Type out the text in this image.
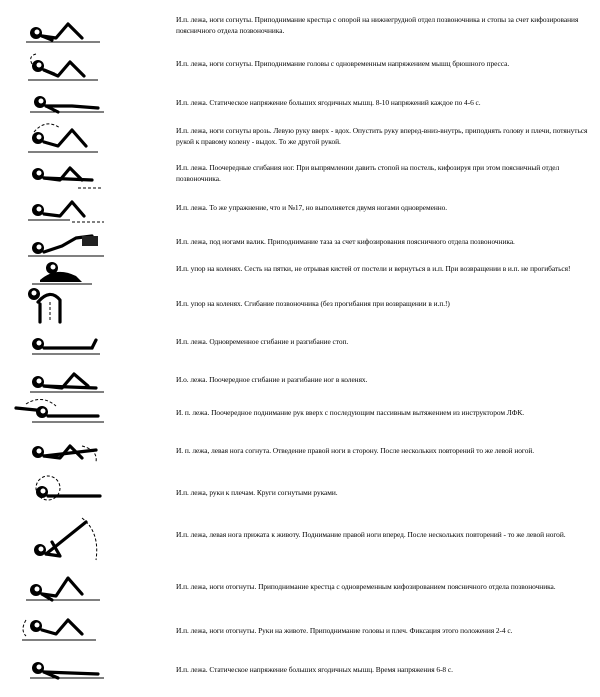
И.п. лежа, ноги согнуты. Приподнимание крестца с опорой на нижнегрудной отдел позвоночника и стопы за счет кифозирования поясничного отдела позвоночника.
И.п. лежа, ноги согнуты. Приподнимание головы с одновременным напряжением мышц брюшного пресса.
И.п. лежа. Статическое напряжение больших ягодичных мышц. 8-10 напряжений каждое по 4-6 с.
И.п. лежа, ноги согнуты врозь. Левую руку вверх - вдох. Опустить руку вперед-вниз-внутрь, приподнять голову и плечи, потянуться рукой к правому колену - выдох. То же другой рукой.
И.п. лежа. Поочередные сгибания ног. При выпрямлении давить стопой на постель, кифозируя при этом поясничный отдел позвоночника.
И.п. лежа. То же упражнение, что и №17, но выполняется двумя ногами одновременно.
И.п. лежа, под ногами валик. Приподнимание таза за счет кифозирования поясничного отдела позвоночника.
И.п. упор на коленях. Сесть на пятки, не отрывая кистей от постели и вернуться в и.п. При возвращении в и.п. не прогибаться!
И.п. упор на коленях. Сгибание позвоночника (без прогибания при возвращении в и.п.!)
И.п. лежа. Одновременное сгибание и разгибание стоп.
И.о. лежа. Поочередное сгибание и разгибание ног в коленях.
И. п. лежа. Поочередное поднимание рук вверх с последующим пассивным вытяжением из инструктором ЛФК.
И. п. лежа, левая нога согнута. Отведение правой ноги в сторону. После нескольких повторений то же левой ногой.
И.п. лежа, руки к плечам. Круги согнутыми руками.
И.п. лежа, левая нога прижата к животу. Поднимание правой ноги вперед. После нескольких повторений - то же левой ногой.
И.п. лежа, ноги отогнуты. Приподнимание крестца с одновременным кифозированием поясничного отдела позвоночника.
И.п. лежа, ноги отогнуты. Руки на животе. Приподнимание головы и плеч. Фиксация этого положения 2-4 с.
И.п. лежа. Статическое напряжение больших ягодичных мышц. Время напряжения 6-8 с.
